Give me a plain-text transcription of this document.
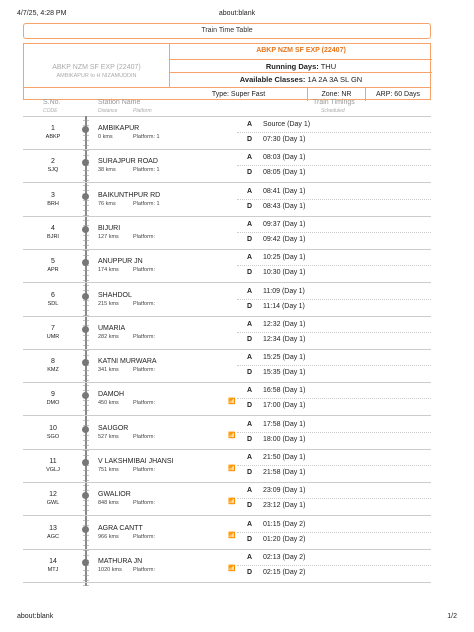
4/7/25, 4:28 PM	about:blank
Train Time Table
ABKP NZM SF EXP (22407)
AMBIKAPUR to H NIZAMUDDIN
ABKP NZM SF EXP (22407)
Running Days: THU
Available Classes: 1A 2A 3A SL GN
Type: Super Fast	Zone: NR	ARP: 60 Days
S.No.
CODE
Station Name
Distance	Platform
Train Timings
Scheduled
1
ABKP
AMBIKAPUR
0 kms	Platform: 1
A Source (Day 1)
D 07:30 (Day 1)
2
SJQ
SURAJPUR ROAD
38 kms	Platform: 1
A 08:03 (Day 1)
D 08:05 (Day 1)
3
BRH
BAIKUNTHPUR RD
76 kms	Platform: 1
A 08:41 (Day 1)
D 08:43 (Day 1)
4
BJRI
BIJURI
127 kms	Platform:
A 09:37 (Day 1)
D 09:42 (Day 1)
5
APR
ANUPPUR JN
174 kms	Platform:
A 10:25 (Day 1)
D 10:30 (Day 1)
6
SDL
SHAHDOL
215 kms	Platform:
A 11:09 (Day 1)
D 11:14 (Day 1)
7
UMR
UMARIA
282 kms	Platform:
A 12:32 (Day 1)
D 12:34 (Day 1)
8
KMZ
KATNI MURWARA
341 kms	Platform:
A 15:25 (Day 1)
D 15:35 (Day 1)
9
DMO
DAMOH
450 kms	Platform:	📶
A 16:58 (Day 1)
D 17:00 (Day 1)
10
SGO
SAUGOR
527 kms	Platform:	📶
A 17:58 (Day 1)
D 18:00 (Day 1)
11
VGLJ
V LAKSHMIBAI JHANSI
751 kms	Platform:	📶
A 21:50 (Day 1)
D 21:58 (Day 1)
12
GWL
GWALIOR
848 kms	Platform:	📶
A 23:09 (Day 1)
D 23:12 (Day 1)
13
AGC
AGRA CANTT
966 kms	Platform:	📶
A 01:15 (Day 2)
D 01:20 (Day 2)
14
MTJ
MATHURA JN
1020 kms Platform:	📶
A 02:13 (Day 2)
D 02:15 (Day 2)
about:blank	1/2
